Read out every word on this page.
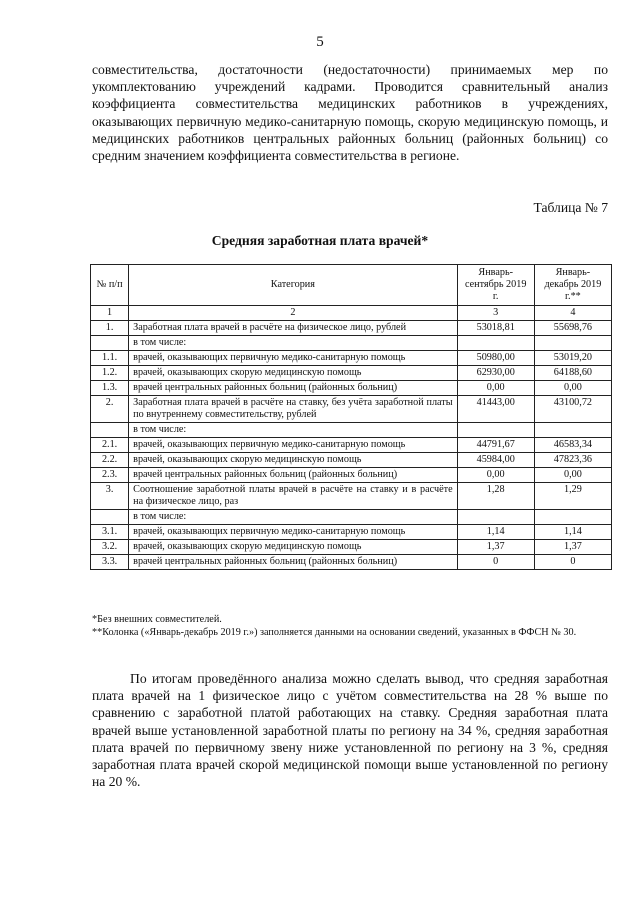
5

совместительства, достаточности (недостаточности) принимаемых мер по укомплектованию учреждений кадрами. Проводится сравнительный анализ коэффициента совместительства медицинских работников в учреждениях, оказывающих первичную медико-санитарную помощь, скорую медицинскую помощь, и медицинских работников центральных районных больниц (районных больниц) со средним значением коэффициента совместительства в регионе.

Таблица № 7
Средняя заработная плата врачей*
№ п/п	Категория	Январь-сентябрь 2019 г.	Январь-декабрь 2019 г.**
1	2	3	4
1.	Заработная плата врачей в расчёте на физическое лицо, рублей	53018,81	55698,76
	в том числе:		
1.1.	врачей, оказывающих первичную медико-санитарную помощь	50980,00	53019,20
1.2.	врачей, оказывающих скорую медицинскую помощь	62930,00	64188,60
1.3.	врачей центральных районных больниц (районных больниц)	0,00	0,00
2.	Заработная плата врачей в расчёте на ставку, без учёта заработной платы по внутреннему совместительству, рублей	41443,00	43100,72
	в том числе:		
2.1.	врачей, оказывающих первичную медико-санитарную помощь	44791,67	46583,34
2.2.	врачей, оказывающих скорую медицинскую помощь	45984,00	47823,36
2.3.	врачей центральных районных больниц (районных больниц)	0,00	0,00
3.	Соотношение заработной платы врачей в расчёте на ставку и в расчёте на физическое лицо, раз	1,28	1,29
	в том числе:		
3.1.	врачей, оказывающих первичную медико-санитарную помощь	1,14	1,14
3.2.	врачей, оказывающих скорую медицинскую помощь	1,37	1,37
3.3.	врачей центральных районных больниц (районных больниц)	0	0

*Без внешних совместителей.

**Колонка («Январь-декабрь 2019 г.») заполняется данными на основании сведений, указанных в ФФСН № 30.

По итогам проведённого анализа можно сделать вывод, что средняя заработная плата врачей на 1 физическое лицо с учётом совместительства на 28 % выше по сравнению с заработной платой работающих на ставку. Средняя заработная плата врачей выше установленной заработной платы по региону на 34 %, средняя заработная плата врачей по первичному звену ниже установленной по региону на 3 %, средняя заработная плата врачей скорой медицинской помощи выше установленной по региону на 20 %.
